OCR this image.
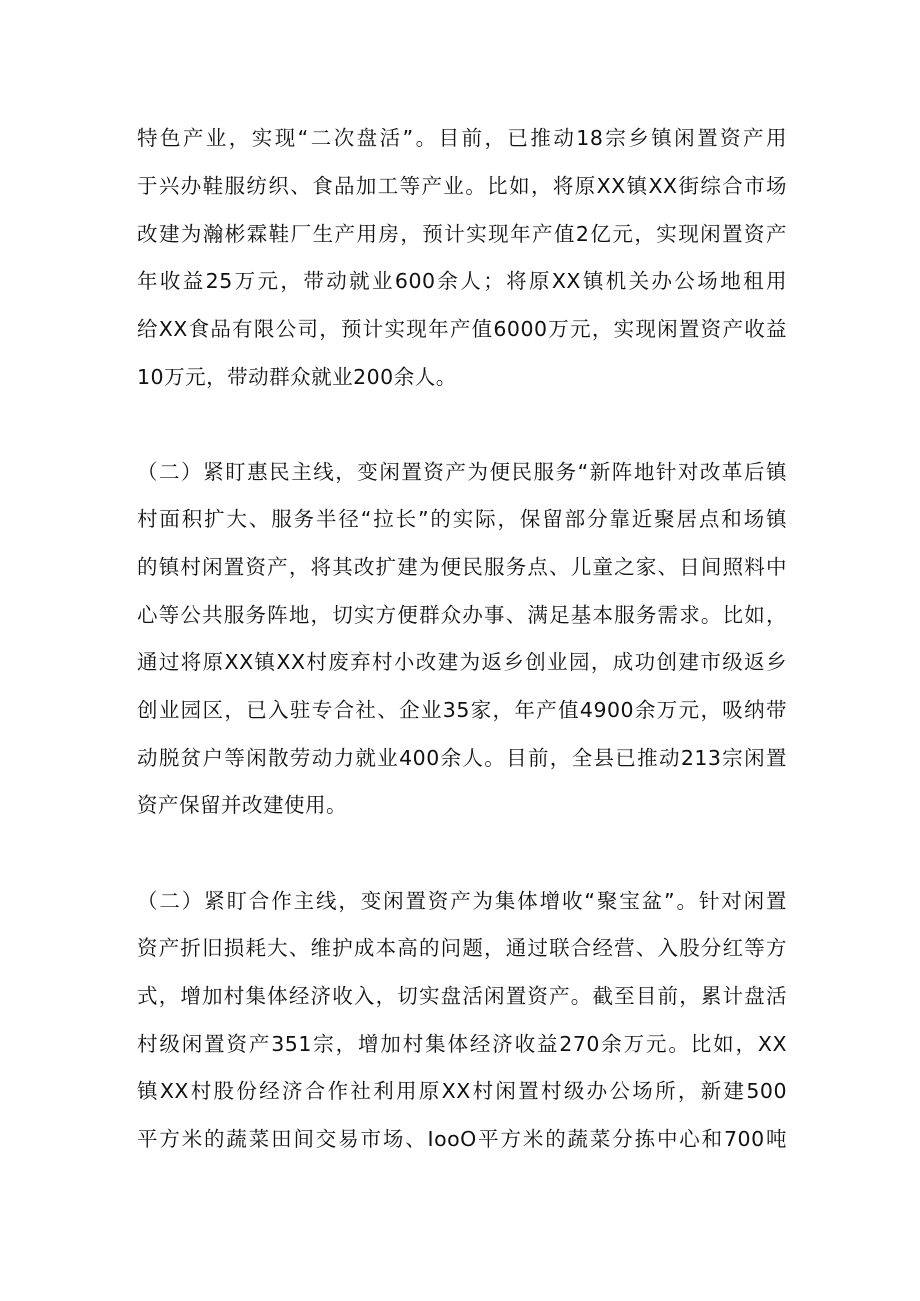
特色产业，实现“二次盘活”。目前，已推动18宗乡镇闲置资产用
于兴办鞋服纺织、食品加工等产业。比如，将原XX镇XX街综合市场
改建为瀚彬霖鞋厂生产用房，预计实现年产值2亿元，实现闲置资产
年收益25万元，带动就业600余人；将原XX镇机关办公场地租用
给XX食品有限公司，预计实现年产值6000万元，实现闲置资产收益
10万元，带动群众就业200余人。
（二）紧盯惠民主线，变闲置资产为便民服务“新阵地针对改革后镇
村面积扩大、服务半径“拉长”的实际，保留部分靠近聚居点和场镇
的镇村闲置资产，将其改扩建为便民服务点、儿童之家、日间照料中
心等公共服务阵地，切实方便群众办事、满足基本服务需求。比如，
通过将原XX镇XX村废弃村小改建为返乡创业园，成功创建市级返乡
创业园区，已入驻专合社、企业35家，年产值4900余万元，吸纳带
动脱贫户等闲散劳动力就业400余人。目前，全县已推动213宗闲置
资产保留并改建使用。
（二）紧盯合作主线，变闲置资产为集体增收“聚宝盆”。针对闲置
资产折旧损耗大、维护成本高的问题，通过联合经营、入股分红等方
式，增加村集体经济收入，切实盘活闲置资产。截至目前，累计盘活
村级闲置资产351宗，增加村集体经济收益270余万元。比如，XX
镇XX村股份经济合作社利用原XX村闲置村级办公场所，新建500
平方米的蔬菜田间交易市场、IooO平方米的蔬菜分拣中心和700吨
